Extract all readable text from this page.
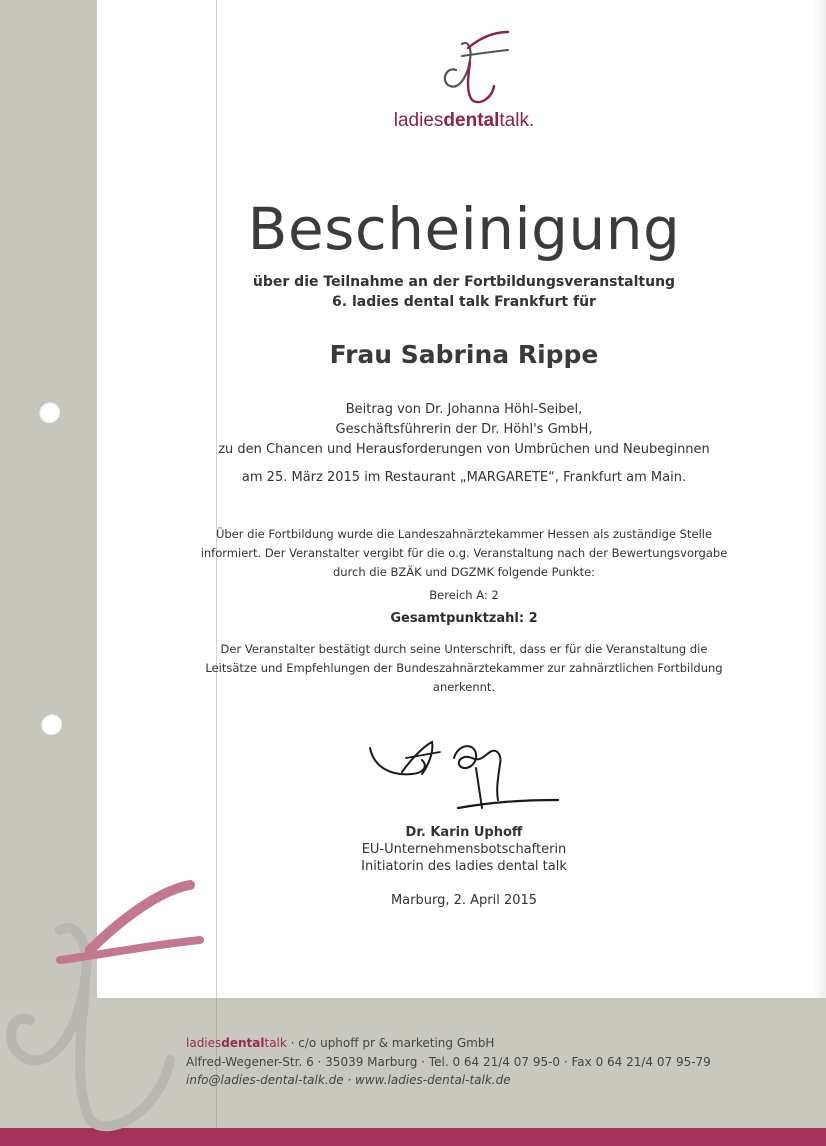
ladiesdentaltalk.
Bescheinigung
über die Teilnahme an der Fortbildungsveranstaltung
6. ladies dental talk Frankfurt für
Frau Sabrina Rippe
Beitrag von Dr. Johanna Höhl-Seibel,
Geschäftsführerin der Dr. Höhl's GmbH,
zu den Chancen und Herausforderungen von Umbrüchen und Neubeginnen
am 25. März 2015 im Restaurant „MARGARETE“, Frankfurt am Main.
Über die Fortbildung wurde die Landeszahnärztekammer Hessen als zuständige Stelle
informiert. Der Veranstalter vergibt für die o.g. Veranstaltung nach der Bewertungsvorgabe
durch die BZÄK und DGZMK folgende Punkte:
Bereich A: 2
Gesamtpunktzahl: 2
Der Veranstalter bestätigt durch seine Unterschrift, dass er für die Veranstaltung die
Leitsätze und Empfehlungen der Bundeszahnärztekammer zur zahnärztlichen Fortbildung
anerkennt.
Dr. Karin Uphoff
EU-Unternehmensbotschafterin
Initiatorin des ladies dental talk
Marburg, 2. April 2015
ladiesdentaltalk · c/o uphoff pr & marketing GmbH
Alfred-Wegener-Str. 6 · 35039 Marburg · Tel. 0 64 21/4 07 95-0 · Fax 0 64 21/4 07 95-79
info@ladies-dental-talk.de · www.ladies-dental-talk.de
